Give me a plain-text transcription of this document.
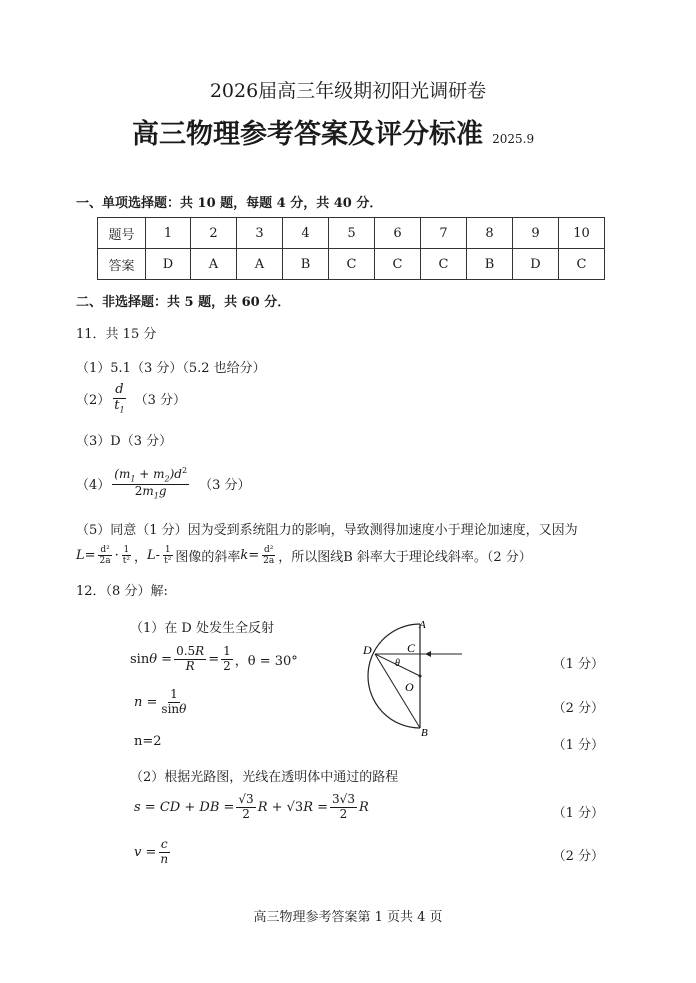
2026届高三年级期初阳光调研卷
高三物理参考答案及评分标准 2025.9
一、单项选择题：共 10 题，每题 4 分，共 40 分．
题号	1	2	3	4	5	6	7	8	9	10
答案	D	A	A	B	C	C	C	B	D	C
二、非选择题：共 5 题，共 60 分．
11．共 15 分
（1）5.1（3 分）（5.2 也给分）
$(2) \frac{d}{t_1} (3$ 分）
（3）D（3 分）
$(4) \frac{(m_1 + m_2)d^2}{2m_1g} (3$ 分）
（5）同意（1 分）因为受到系统阻力的影响，导致测得加速度小于理论加速度，又因为
$L = \frac{\text{d²}}{2a} \cdot \frac{1}{\text{t²}}$ ， L - $\frac{1}{\text{t²}}$ 图像的斜率 $k = \frac{\text{d²}}{2a}$ ，所以图线B 斜率大于理论线斜率。（2 分）
12．（8 分）解:
（1）在 D 处发生全反射
$\sin\theta = \frac{0.5R}{R} = \frac{1}{2}$ ，θ = 30°	（1 分）
$n = \frac{1}{\sin\theta}$	（2 分）
n=2	（1 分）
A
B
C
D
O
θ
（2）根据光路图，光线在透明体中通过的路程
s = CD + DB = $\frac{√3}{2}$ R + √3 $R = \frac{3√3}{2}$ R	（1 分）
$v = \frac{c}{n}$	（2 分）
高三物理参考答案第 1 页共 4 页
